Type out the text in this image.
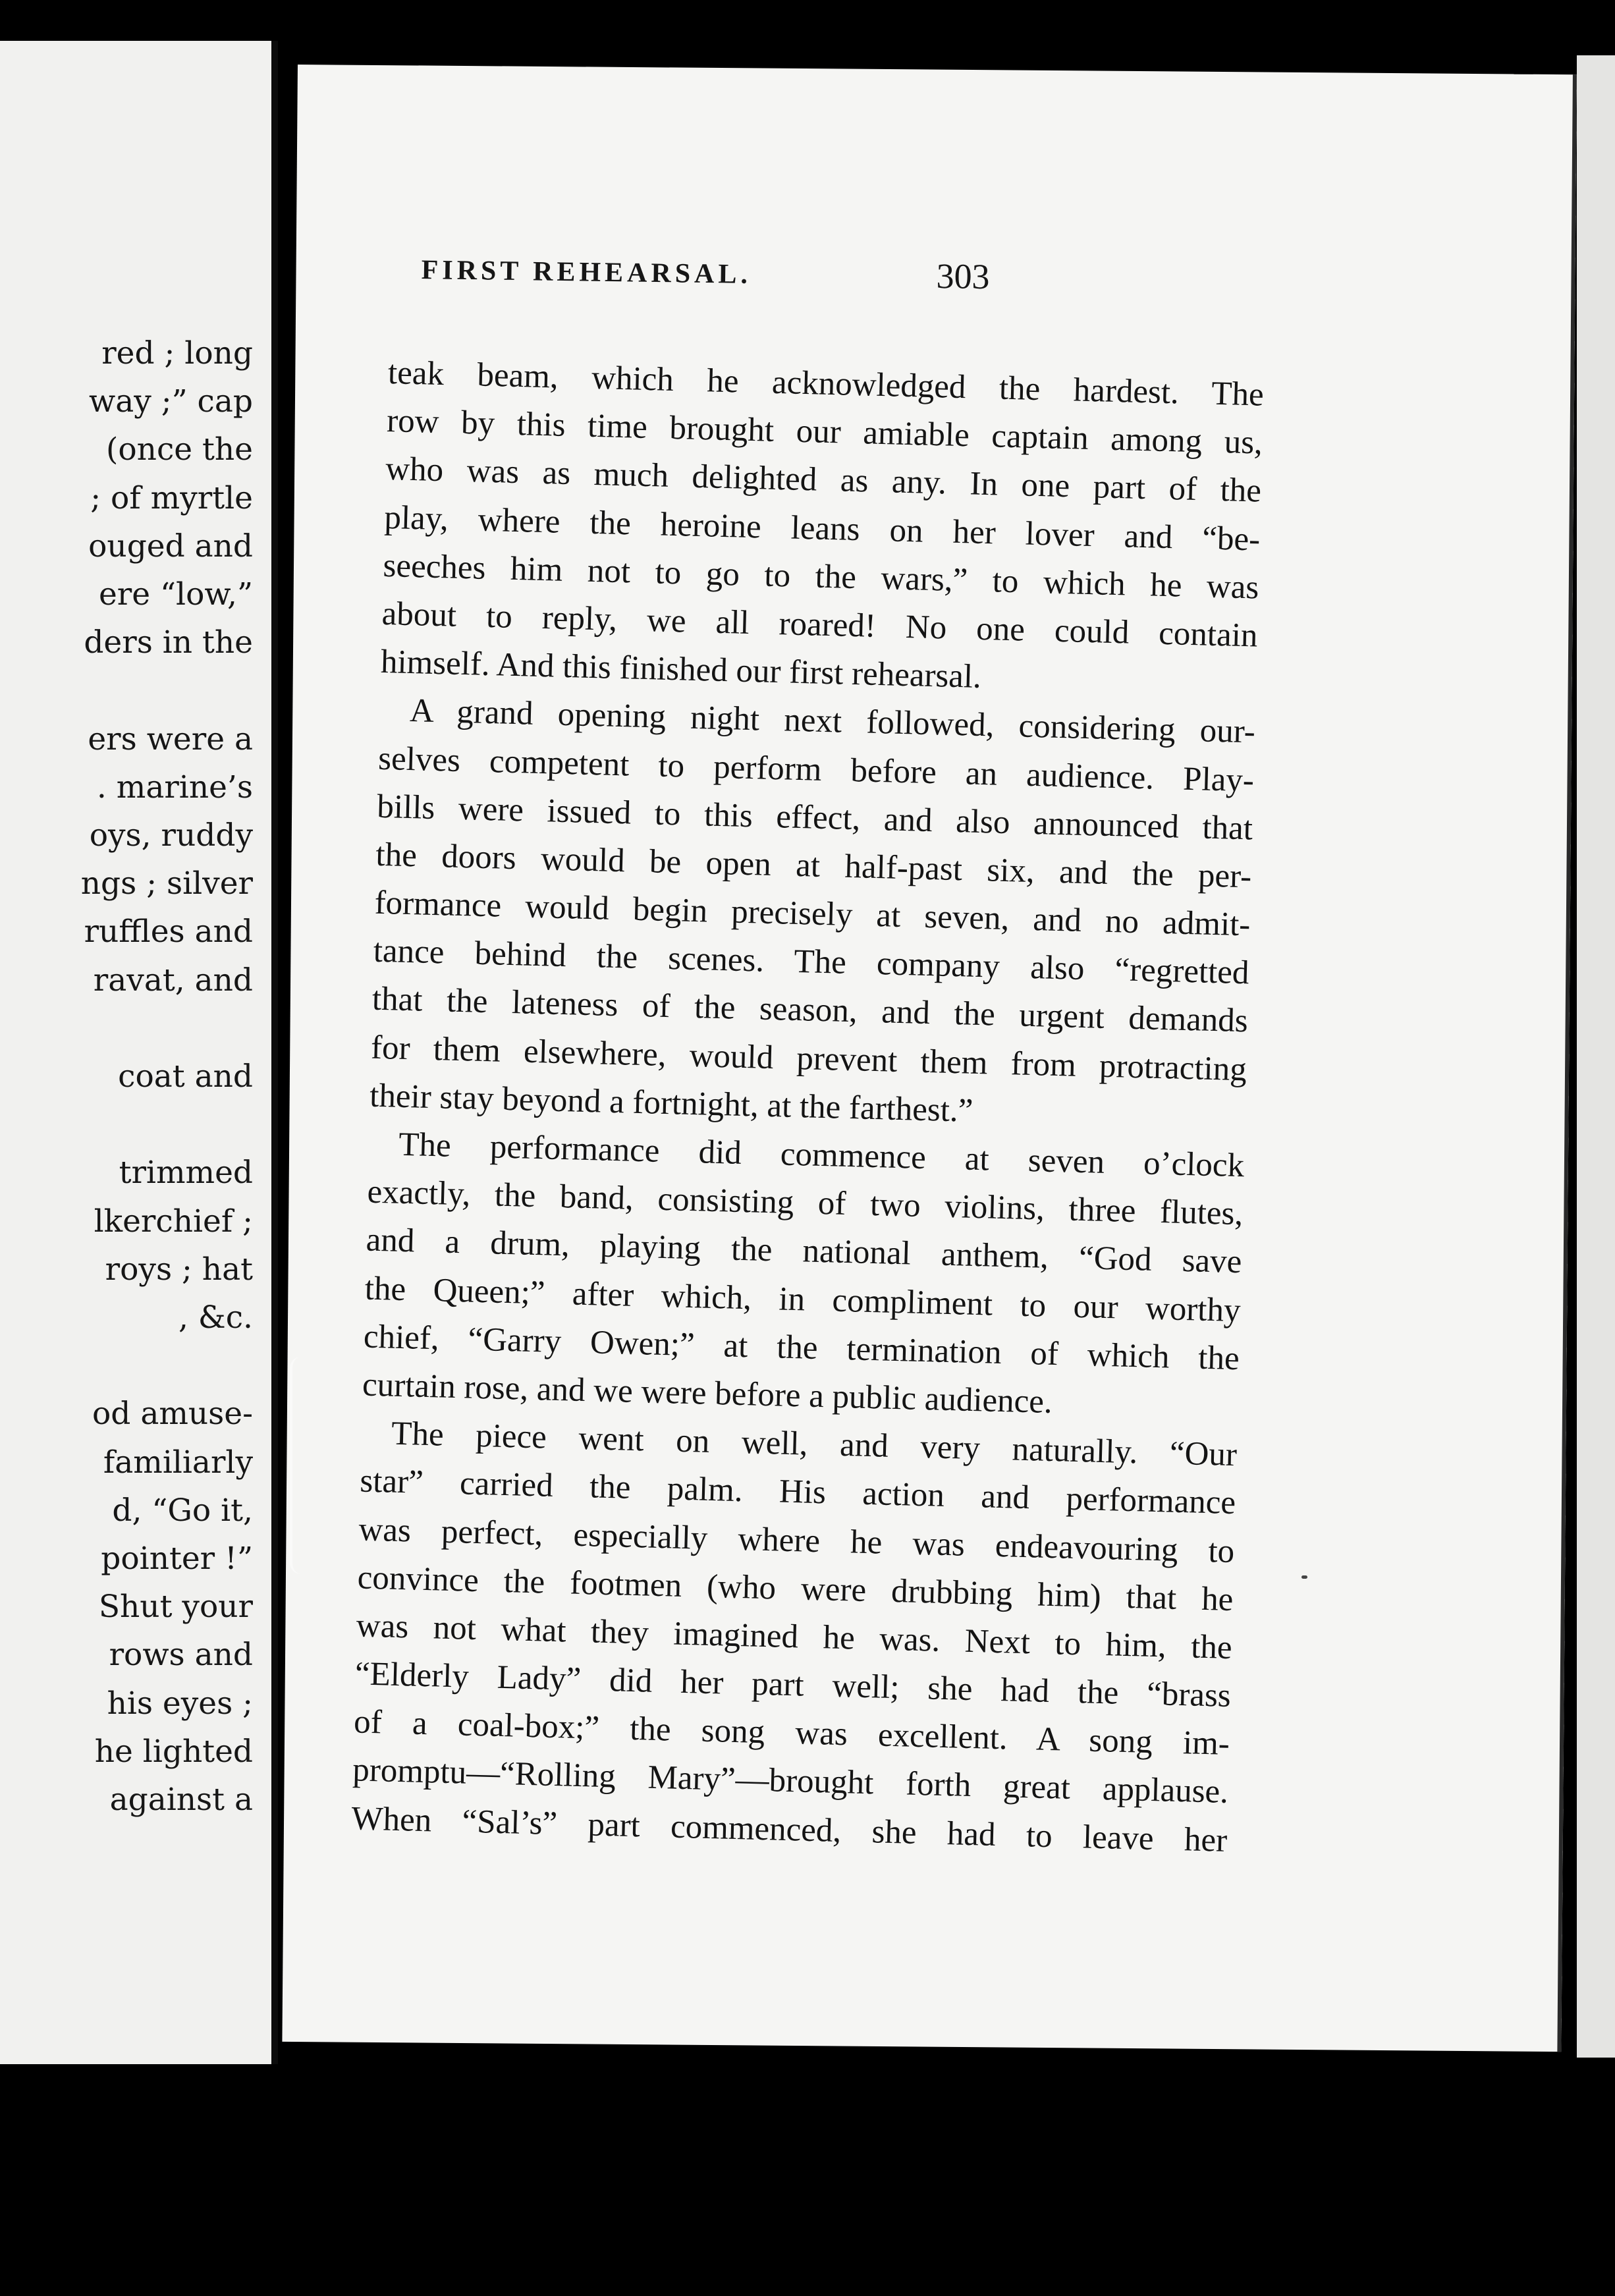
red ; long
way ;” cap
(once the
; of myrtle
ouged and
ere “low,”
ders in the
ers were a
. marine’s
oys, ruddy
ngs ; silver
ruffles and
ravat, and
coat and
trimmed
lkerchief ;
roys ; hat
, &c.
od amuse-
familiarly
d, “Go it,
pointer !”
Shut your
rows and
his eyes ;
he lighted
against a
FIRST REHEARSAL.	303
teak beam, which he acknowledged the hardest. The
row by this time brought our amiable captain among us,
who was as much delighted as any. In one part of the
play, where the heroine leans on her lover and “be-
seeches him not to go to the wars,” to which he was
about to reply, we all roared! No one could contain
himself. And this finished our first rehearsal.
A grand opening night next followed, considering our-
selves competent to perform before an audience. Play-
bills were issued to this effect, and also announced that
the doors would be open at half-past six, and the per-
formance would begin precisely at seven, and no admit-
tance behind the scenes. The company also “regretted
that the lateness of the season, and the urgent demands
for them elsewhere, would prevent them from protracting
their stay beyond a fortnight, at the farthest.”
The performance did commence at seven o’clock
exactly, the band, consisting of two violins, three flutes,
and a drum, playing the national anthem, “God save
the Queen;” after which, in compliment to our worthy
chief, “Garry Owen;” at the termination of which the
curtain rose, and we were before a public audience.
The piece went on well, and very naturally. “Our
star” carried the palm. His action and performance
was perfect, especially where he was endeavouring to
convince the footmen (who were drubbing him) that he
was not what they imagined he was. Next to him, the
“Elderly Lady” did her part well; she had the “brass
of a coal-box;” the song was excellent. A song im-
promptu—“Rolling Mary”—brought forth great applause.
When “Sal’s” part commenced, she had to leave her
